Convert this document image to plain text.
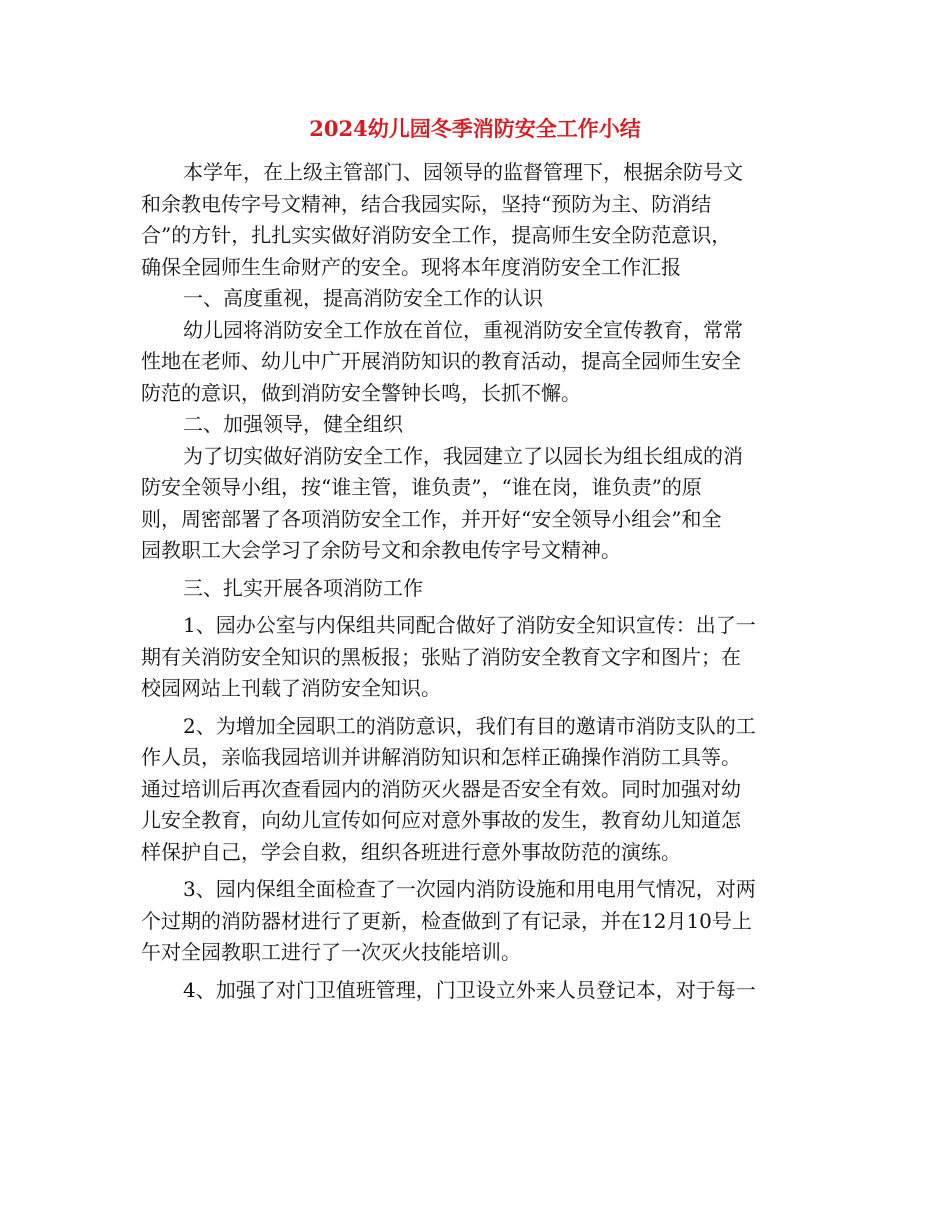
2024幼儿园冬季消防安全工作小结
本学年，在上级主管部门、园领导的监督管理下，根据余防号文
和余教电传字号文精神，结合我园实际，坚持“预防为主、防消结
合”的方针，扎扎实实做好消防安全工作，提高师生安全防范意识，
确保全园师生生命财产的安全。现将本年度消防安全工作汇报
一、高度重视，提高消防安全工作的认识
幼儿园将消防安全工作放在首位，重视消防安全宣传教育，常常
性地在老师、幼儿中广开展消防知识的教育活动，提高全园师生安全
防范的意识，做到消防安全警钟长鸣，长抓不懈。
二、加强领导，健全组织
为了切实做好消防安全工作，我园建立了以园长为组长组成的消
防安全领导小组，按“谁主管，谁负责”，“谁在岗，谁负责”的原
则，周密部署了各项消防安全工作，并开好“安全领导小组会”和全
园教职工大会学习了余防号文和余教电传字号文精神。
三、扎实开展各项消防工作
1、园办公室与内保组共同配合做好了消防安全知识宣传：出了一
期有关消防安全知识的黑板报；张贴了消防安全教育文字和图片；在
校园网站上刊载了消防安全知识。
2、为增加全园职工的消防意识，我们有目的邀请市消防支队的工
作人员，亲临我园培训并讲解消防知识和怎样正确操作消防工具等。
通过培训后再次查看园内的消防灭火器是否安全有效。同时加强对幼
儿安全教育，向幼儿宣传如何应对意外事故的发生，教育幼儿知道怎
样保护自己，学会自救，组织各班进行意外事故防范的演练。
3、园内保组全面检查了一次园内消防设施和用电用气情况，对两
个过期的消防器材进行了更新，检查做到了有记录，并在12月10号上
午对全园教职工进行了一次灭火技能培训。
4、加强了对门卫值班管理，门卫设立外来人员登记本，对于每一
